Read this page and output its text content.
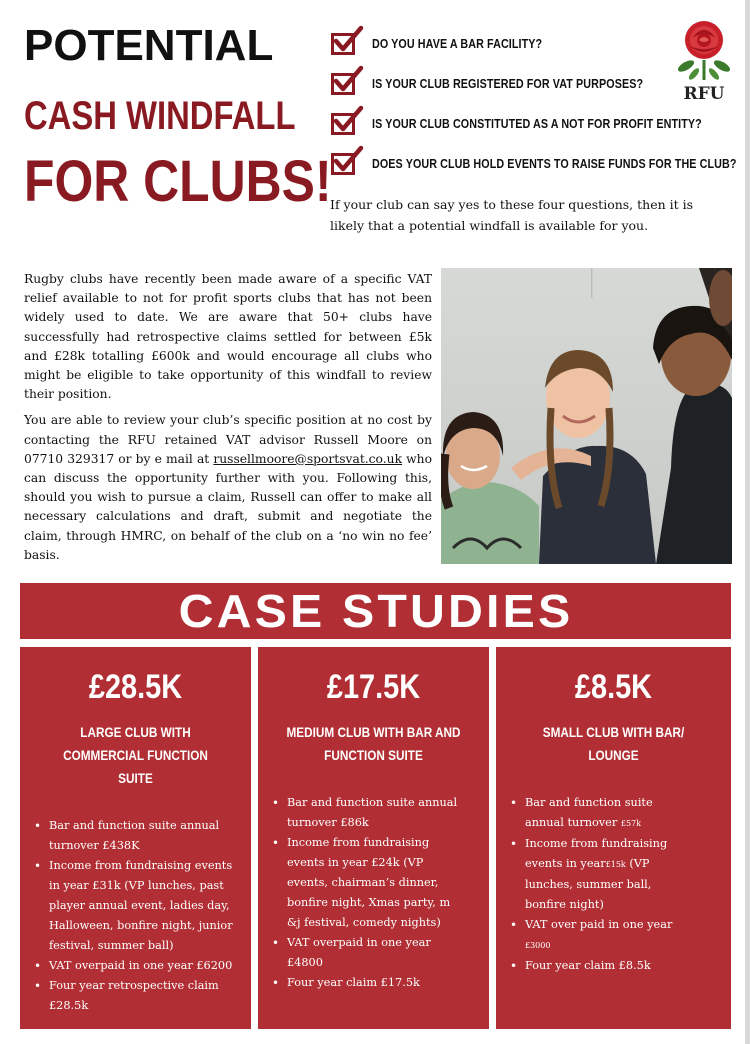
POTENTIAL
CASH WINDFALL
FOR CLUBS!
DO YOU HAVE A BAR FACILITY?
IS YOUR CLUB REGISTERED FOR VAT PURPOSES?
IS YOUR CLUB CONSTITUTED AS A NOT FOR PROFIT ENTITY?
DOES YOUR CLUB HOLD EVENTS TO RAISE FUNDS FOR THE CLUB?
If your club can say yes to these four questions, then it is likely that a potential windfall is available for you.
RFU

Rugby clubs have recently been made aware of a specific VAT relief available to not for profit sports clubs that has not been widely used to date. We are aware that 50+ clubs have successfully had retrospective claims settled for between £5k and £28k totalling £600k and would encourage all clubs who might be eligible to take opportunity of this windfall to review their position.

You are able to review your club’s specific position at no cost by contacting the RFU retained VAT advisor Russell Moore on 07710 329317 or by e mail at russellmoore@sportsvat.co.uk who can discuss the opportunity further with you. Following this, should you wish to pursue a claim, Russell can offer to make all necessary calculations and draft, submit and negotiate the claim, through HMRC, on behalf of the club on a ‘no win no fee’ basis.

CASE STUDIES
£28.5K
LARGE CLUB WITH COMMERCIAL FUNCTION SUITE
• Bar and function suite annual turnover £438K
• Income from fundraising events in year £31k (VP lunches, past player annual event, ladies day, Halloween, bonfire night, junior festival, summer ball)
• VAT overpaid in one year £6200
• Four year retrospective claim £28.5k
£17.5K
MEDIUM CLUB WITH BAR AND FUNCTION SUITE
• Bar and function suite annual turnover £86k
• Income from fundraising events in year £24k (VP events, chairman’s dinner, bonfire night, Xmas party, m &j festival, comedy nights)
• VAT overpaid in one year £4800
• Four year claim £17.5k
£8.5K
SMALL CLUB WITH BAR/ LOUNGE
• Bar and function suite annual turnover £57k
• Income from fundraising events in year£15k (VP lunches, summer ball, bonfire night)
• VAT over paid in one year £3000
• Four year claim £8.5k
